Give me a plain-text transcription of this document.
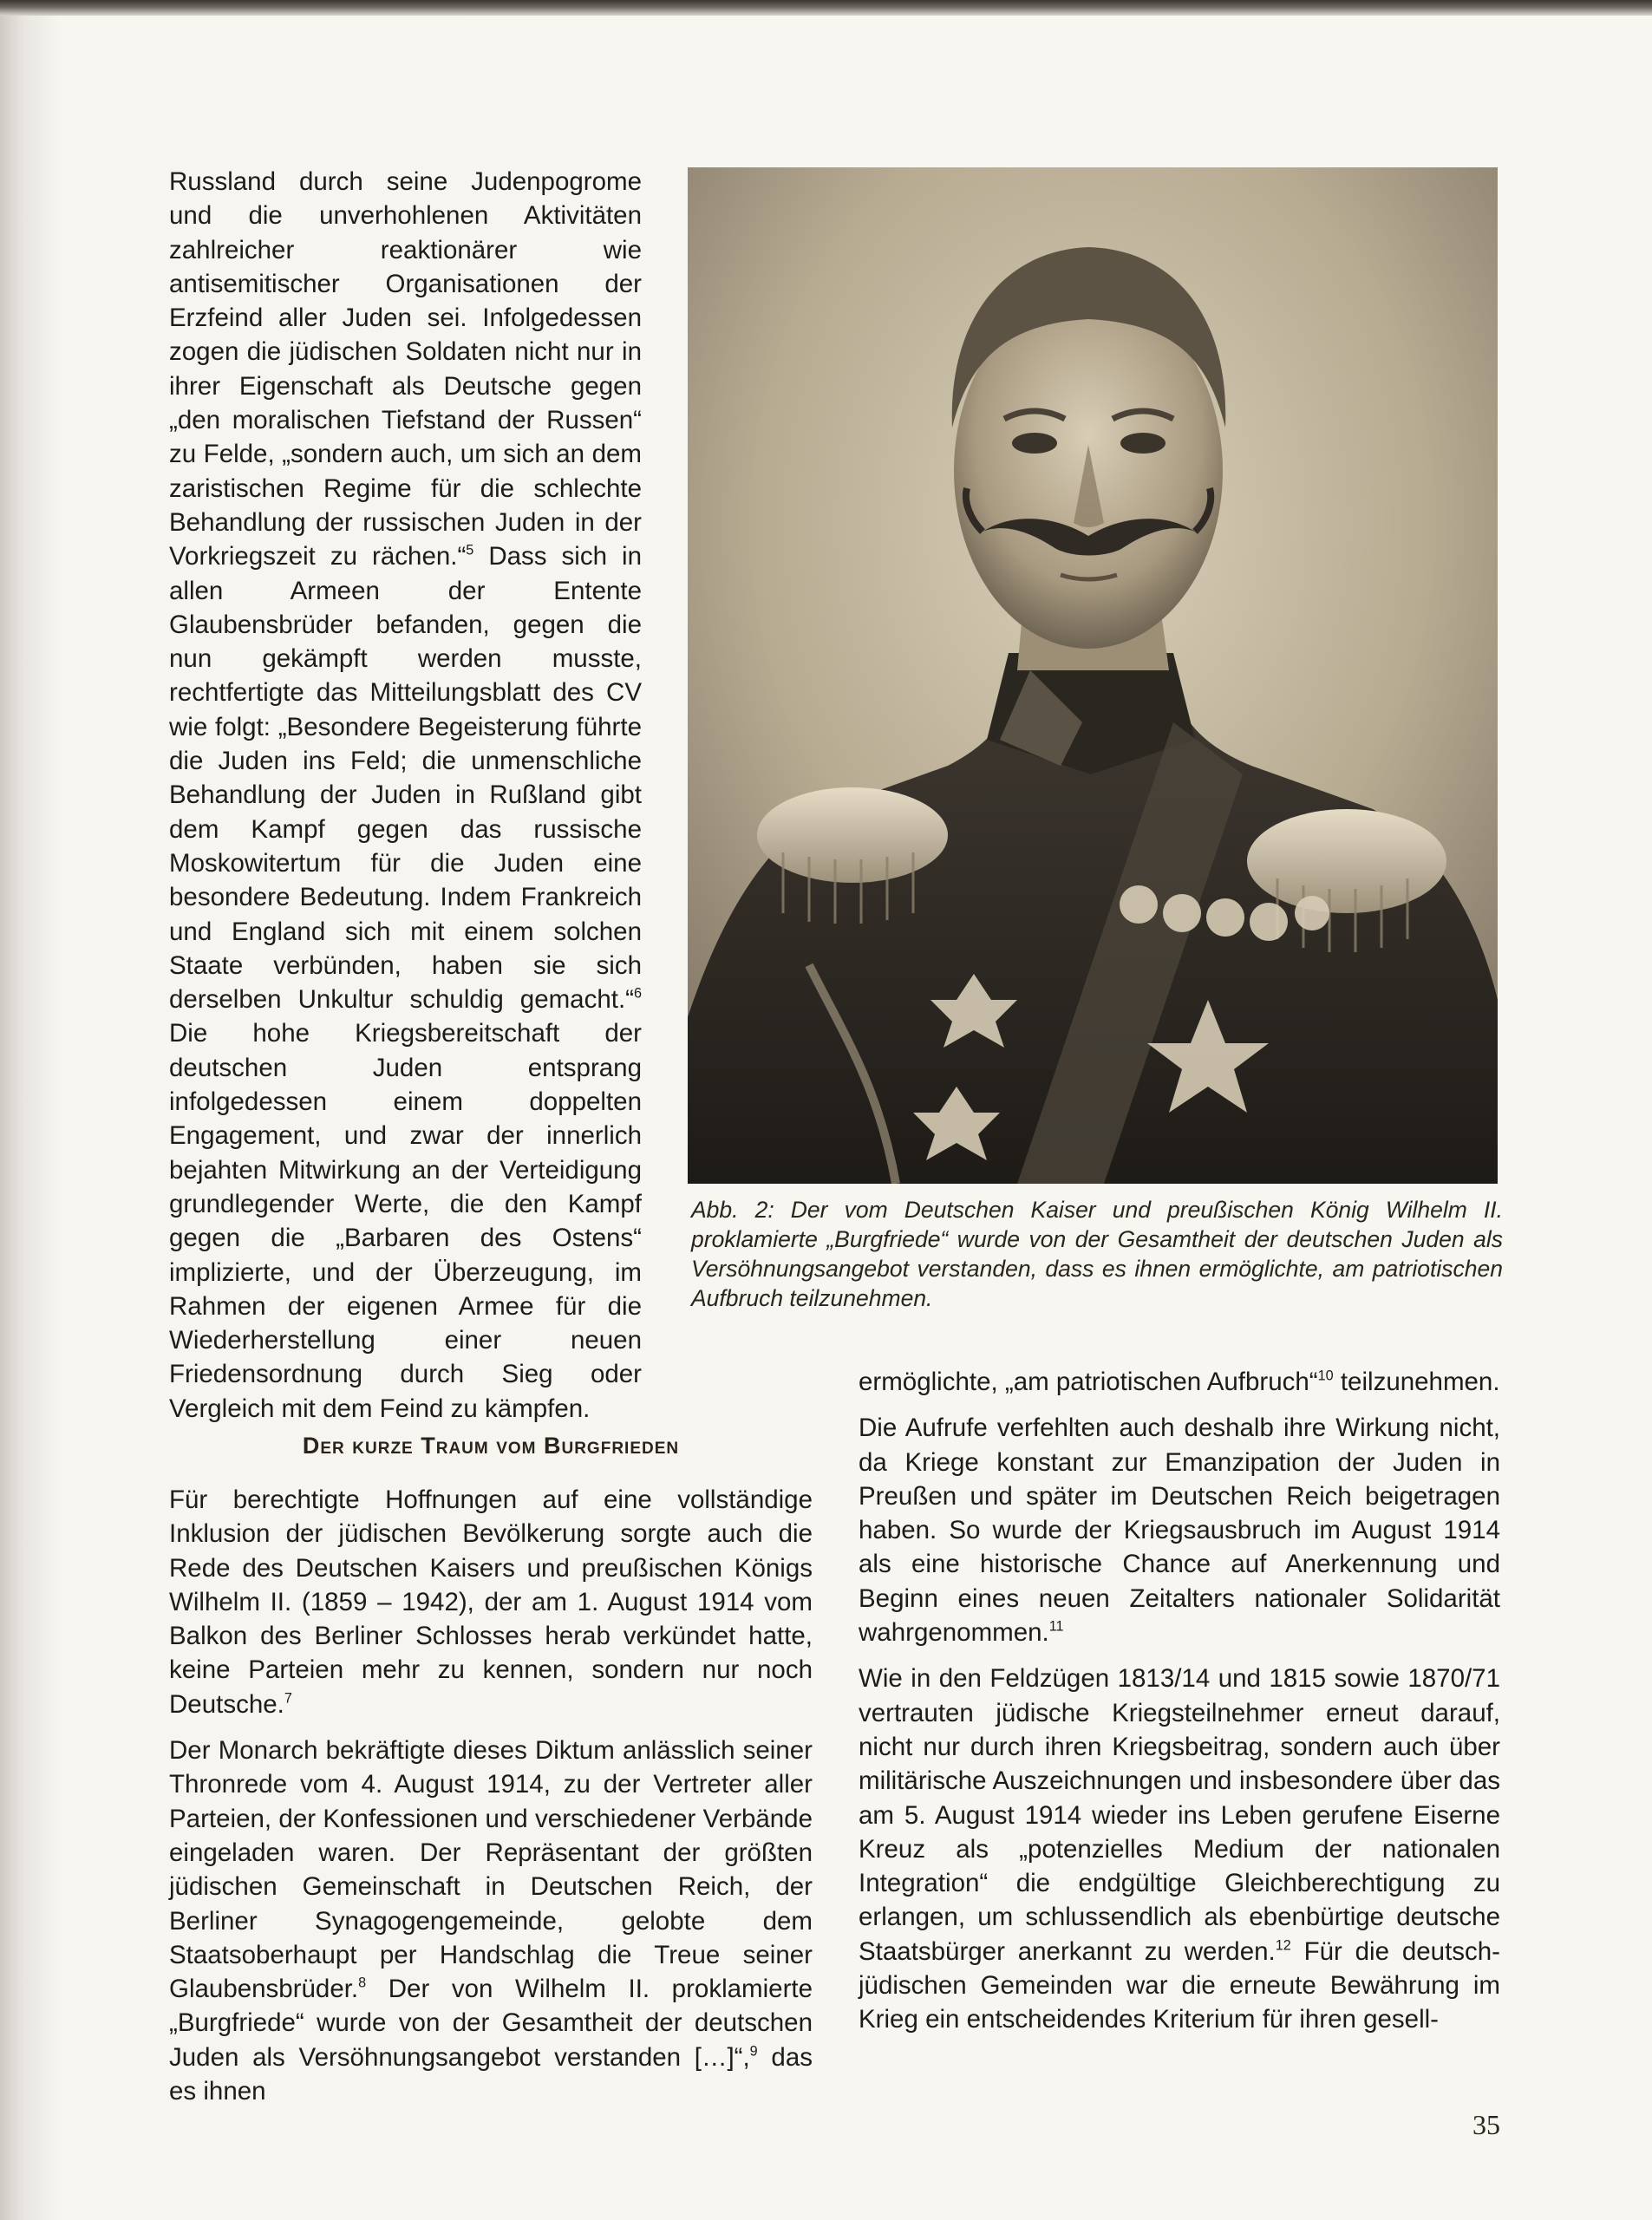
Russland durch seine Judenpogrome und die unverhohlenen Aktivitäten zahlreicher reaktionärer wie antisemitischer Organisationen der Erzfeind aller Juden sei. Infolgedessen zogen die jüdischen Soldaten nicht nur in ihrer Eigenschaft als Deutsche gegen „den moralischen Tiefstand der Russen“ zu Felde, „sondern auch, um sich an dem zaristischen Regime für die schlechte Behandlung der russischen Juden in der Vorkriegszeit zu rächen.“$^5$ Dass sich in allen Armeen der Entente Glaubensbrüder befanden, gegen die nun gekämpft werden musste, rechtfertigte das Mitteilungsblatt des CV wie folgt: „Besondere Begeisterung führte die Juden ins Feld; die unmenschliche Behandlung der Juden in Rußland gibt dem Kampf gegen das russische Moskowitertum für die Juden eine besondere Bedeutung. Indem Frankreich und England sich mit einem solchen Staate verbünden, haben sie sich derselben Unkultur schuldig gemacht.“$^6$ Die hohe Kriegsbereitschaft der deutschen Juden entsprang infolgedessen einem doppelten Engagement, und zwar der innerlich bejahten Mitwirkung an der Verteidigung grundlegender Werte, die den Kampf gegen die „Barbaren des Ostens“ implizierte, und der Überzeugung, im Rahmen der eigenen Armee für die Wiederherstellung einer neuen Friedensordnung durch Sieg oder Vergleich mit dem Feind zu kämpfen.

Abb. 2: Der vom Deutschen Kaiser und preußischen König Wilhelm II. proklamierte „Burgfriede“ wurde von der Gesamtheit der deutschen Juden als Versöhnungsangebot verstanden, dass es ihnen ermöglichte, am patriotischen Aufbruch teilzunehmen.
Der kurze Traum vom Burgfrieden

Für berechtigte Hoffnungen auf eine vollständige Inklusion der jüdischen Bevölkerung sorgte auch die Rede des Deutschen Kaisers und preußischen Königs Wilhelm II. (1859 – 1942), der am 1. August 1914 vom Balkon des Berliner Schlosses herab verkündet hatte, keine Parteien mehr zu kennen, sondern nur noch Deutsche.$^7$

Der Monarch bekräftigte dieses Diktum anlässlich seiner Thronrede vom 4. August 1914, zu der Vertreter aller Parteien, der Konfessionen und verschiedener Verbände eingeladen waren. Der Repräsentant der größten jüdischen Gemeinschaft in Deutschen Reich, der Berliner Synagogengemeinde, gelobte dem Staatsoberhaupt per Handschlag die Treue seiner Glaubensbrüder.$^8$ Der von Wilhelm II. proklamierte „Burgfriede“ wurde von der Gesamtheit der deutschen Juden als Versöhnungsangebot verstanden […]“,$^9$ das es ihnen

ermöglichte, „am patriotischen Aufbruch“$^{10}$ teilzunehmen.

Die Aufrufe verfehlten auch deshalb ihre Wirkung nicht, da Kriege konstant zur Emanzipation der Juden in Preußen und später im Deutschen Reich beigetragen haben. So wurde der Kriegsausbruch im August 1914 als eine historische Chance auf Anerkennung und Beginn eines neuen Zeitalters nationaler Solidarität wahrgenommen.$^{11}$

Wie in den Feldzügen 1813/14 und 1815 sowie 1870/71 vertrauten jüdische Kriegsteilnehmer erneut darauf, nicht nur durch ihren Kriegsbeitrag, sondern auch über militärische Auszeichnungen und insbesondere über das am 5. August 1914 wieder ins Leben gerufene Eiserne Kreuz als „potenzielles Medium der nationalen Integration“ die endgültige Gleichberechtigung zu erlangen, um schlussendlich als ebenbürtige deutsche Staatsbürger anerkannt zu werden.$^{12}$ Für die deutsch-jüdischen Gemeinden war die erneute Bewährung im Krieg ein entscheidendes Kriterium für ihren gesell-

35
